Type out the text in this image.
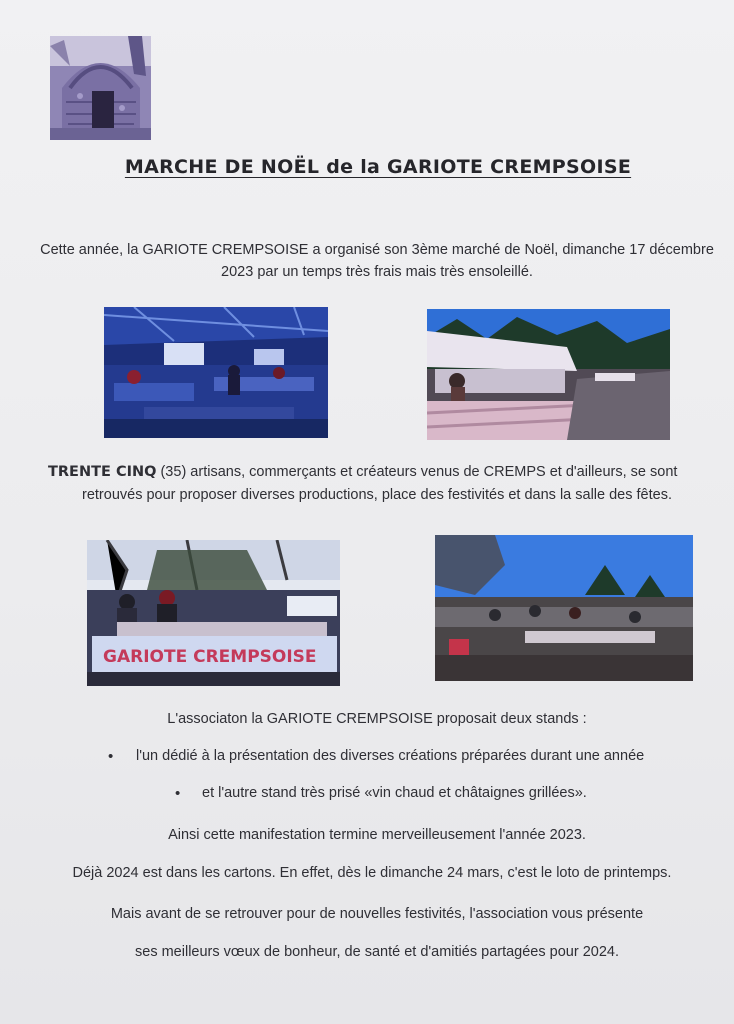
MARCHE DE NOËL de la GARIOTE CREMPSOISE
Cette année, la GARIOTE CREMPSOISE a organisé son 3ème marché de Noël, dimanche 17 décembre
2023 par un temps très frais mais très ensoleillé.
TRENTE CINQ (35) artisans, commerçants et créateurs venus de CREMPS et d'ailleurs, se sont
retrouvés pour proposer diverses productions, place des festivités et dans la salle des fêtes.
GARIOTE CREMPSOISE
L'associaton la GARIOTE CREMPSOISE proposait deux stands :
• l'un dédié à la présentation des diverses créations préparées durant une année
• et l'autre stand très prisé «vin chaud et châtaignes grillées».
Ainsi cette manifestation termine merveilleusement l'année 2023.
Déjà 2024 est dans les cartons. En effet, dès le dimanche 24 mars, c'est le loto de printemps.
Mais avant de se retrouver pour de nouvelles festivités, l'association vous présente
ses meilleurs vœux de bonheur, de santé et d'amitiés partagées pour 2024.
